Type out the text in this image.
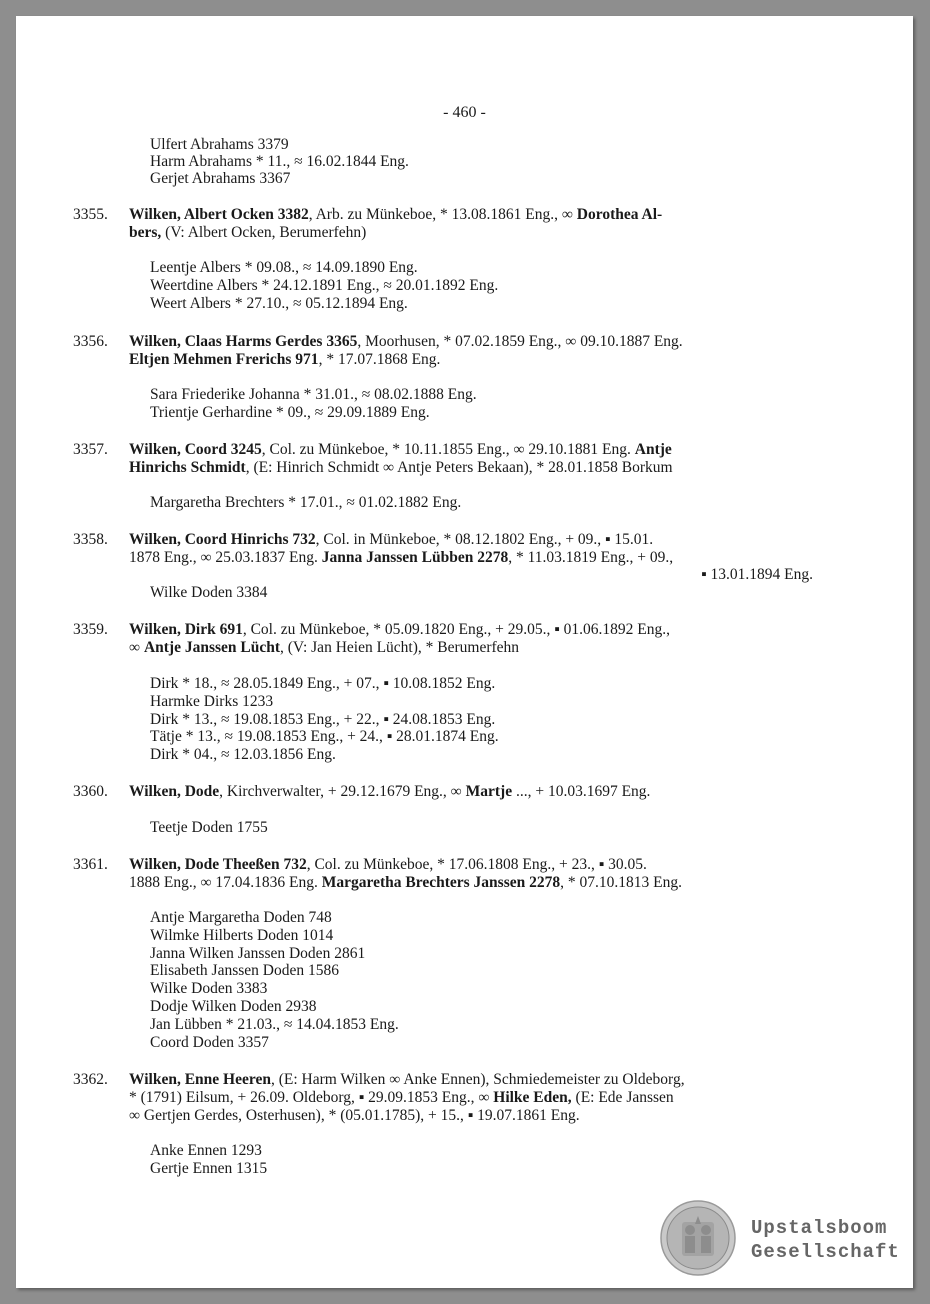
- 460 -
Ulfert Abrahams 3379
Harm Abrahams * 11., ≈ 16.02.1844 Eng.
Gerjet Abrahams 3367
3355. Wilken, Albert Ocken 3382, Arb. zu Münkeboe, * 13.08.1861 Eng., ∞ Dorothea Al-
bers, (V: Albert Ocken, Berumerfehn)
Leentje Albers * 09.08., ≈ 14.09.1890 Eng.
Weertdine Albers * 24.12.1891 Eng., ≈ 20.01.1892 Eng.
Weert Albers * 27.10., ≈ 05.12.1894 Eng.
3356. Wilken, Claas Harms Gerdes 3365, Moorhusen, * 07.02.1859 Eng., ∞ 09.10.1887 Eng.
Eltjen Mehmen Frerichs 971, * 17.07.1868 Eng.
Sara Friederike Johanna * 31.01., ≈ 08.02.1888 Eng.
Trientje Gerhardine * 09., ≈ 29.09.1889 Eng.
3357. Wilken, Coord 3245, Col. zu Münkeboe, * 10.11.1855 Eng., ∞ 29.10.1881 Eng. Antje
Hinrichs Schmidt, (E: Hinrich Schmidt ∞ Antje Peters Bekaan), * 28.01.1858 Borkum
Margaretha Brechters * 17.01., ≈ 01.02.1882 Eng.
3358. Wilken, Coord Hinrichs 732, Col. in Münkeboe, * 08.12.1802 Eng., + 09., ▪ 15.01.
1878 Eng., ∞ 25.03.1837 Eng. Janna Janssen Lübben 2278, * 11.03.1819 Eng., + 09.,
▪ 13.01.1894 Eng.
Wilke Doden 3384
3359. Wilken, Dirk 691, Col. zu Münkeboe, * 05.09.1820 Eng., + 29.05., ▪ 01.06.1892 Eng.,
∞ Antje Janssen Lücht, (V: Jan Heien Lücht), * Berumerfehn
Dirk * 18., ≈ 28.05.1849 Eng., + 07., ▪ 10.08.1852 Eng.
Harmke Dirks 1233
Dirk * 13., ≈ 19.08.1853 Eng., + 22., ▪ 24.08.1853 Eng.
Tätje * 13., ≈ 19.08.1853 Eng., + 24., ▪ 28.01.1874 Eng.
Dirk * 04., ≈ 12.03.1856 Eng.
3360. Wilken, Dode, Kirchverwalter, + 29.12.1679 Eng., ∞ Martje ..., + 10.03.1697 Eng.
Teetje Doden 1755
3361. Wilken, Dode Theeßen 732, Col. zu Münkeboe, * 17.06.1808 Eng., + 23., ▪ 30.05.
1888 Eng., ∞ 17.04.1836 Eng. Margaretha Brechters Janssen 2278, * 07.10.1813 Eng.
Antje Margaretha Doden 748
Wilmke Hilberts Doden 1014
Janna Wilken Janssen Doden 2861
Elisabeth Janssen Doden 1586
Wilke Doden 3383
Dodje Wilken Doden 2938
Jan Lübben * 21.03., ≈ 14.04.1853 Eng.
Coord Doden 3357
3362. Wilken, Enne Heeren, (E: Harm Wilken ∞ Anke Ennen), Schmiedemeister zu Oldeborg,
* (1791) Eilsum, + 26.09. Oldeborg, ▪ 29.09.1853 Eng., ∞ Hilke Eden, (E: Ede Janssen
∞ Gertjen Gerdes, Osterhusen), * (05.01.1785), + 15., ▪ 19.07.1861 Eng.
Anke Ennen 1293
Gertje Ennen 1315
Upstalsboom
Gesellschaft
